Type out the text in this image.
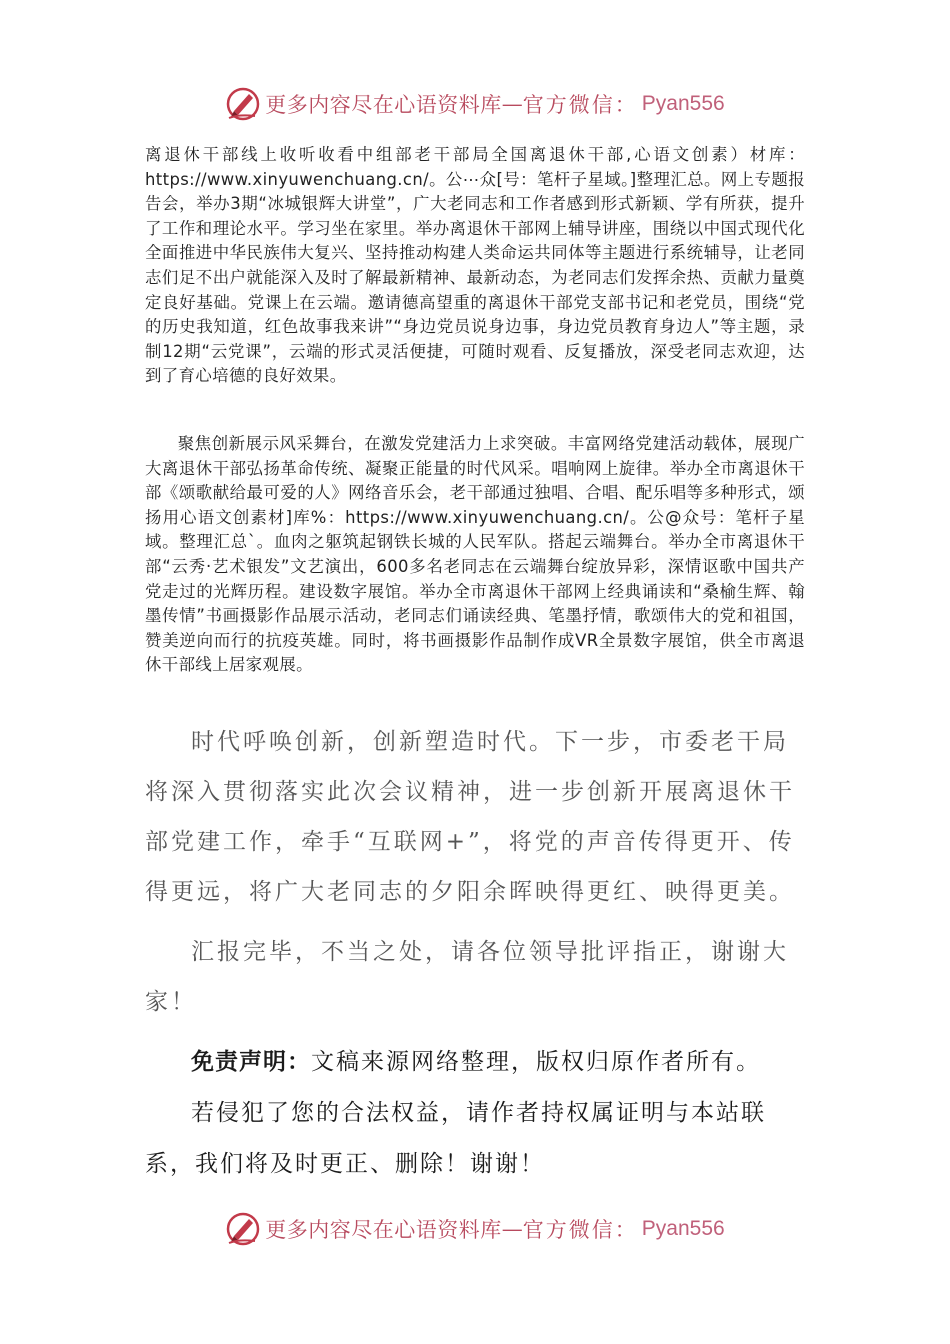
更多内容尽在心语资料库 — 官方微信： Pyan556
离退休干部线上收听收看中组部老干部局全国离退休干部,心语文创素）材库：https://www.xinyuwenchuang.cn/。公⋯众[号：笔杆子星域。]整理汇总。网上专题报告会，举办3期“冰城银辉大讲堂”，广大老同志和工作者感到形式新颖、学有所获，提升了工作和理论水平。学习坐在家里。举办离退休干部网上辅导讲座，围绕以中国式现代化全面推进中华民族伟大复兴、坚持推动构建人类命运共同体等主题进行系统辅导，让老同志们足不出户就能深入及时了解最新精神、最新动态，为老同志们发挥余热、贡献力量奠定良好基础。党课上在云端。邀请德高望重的离退休干部党支部书记和老党员，围绕“党的历史我知道，红色故事我来讲”“身边党员说身边事，身边党员教育身边人”等主题，录制12期“云党课”，云端的形式灵活便捷，可随时观看、反复播放，深受老同志欢迎，达到了育心培德的良好效果。
聚焦创新展示风采舞台，在激发党建活力上求突破。丰富网络党建活动载体，展现广大离退休干部弘扬革命传统、凝聚正能量的时代风采。唱响网上旋律。举办全市离退休干部《颂歌献给最可爱的人》网络音乐会，老干部通过独唱、合唱、配乐唱等多种形式，颂扬用心语文创素材]库%：https://www.xinyuwenchuang.cn/。公@众号：笔杆子星域。整理汇总`。血肉之躯筑起钢铁长城的人民军队。搭起云端舞台。举办全市离退休干部“云秀·艺术银发”文艺演出，600多名老同志在云端舞台绽放异彩，深情讴歌中国共产党走过的光辉历程。建设数字展馆。举办全市离退休干部网上经典诵读和“桑榆生辉、翰墨传情”书画摄影作品展示活动，老同志们诵读经典、笔墨抒情，歌颂伟大的党和祖国，赞美逆向而行的抗疫英雄。同时，将书画摄影作品制作成VR全景数字展馆，供全市离退休干部线上居家观展。
时代呼唤创新，创新塑造时代。下一步，市委老干局将深入贯彻落实此次会议精神，进一步创新开展离退休干部党建工作，牵手“互联网+”，将党的声音传得更开、传得更远，将广大老同志的夕阳余晖映得更红、映得更美。
汇报完毕，不当之处，请各位领导批评指正，谢谢大家！
免责声明：文稿来源网络整理，版权归原作者所有。
若侵犯了您的合法权益，请作者持权属证明与本站联系，我们将及时更正、删除！谢谢！
更多内容尽在心语资料库 — 官方微信： Pyan556
